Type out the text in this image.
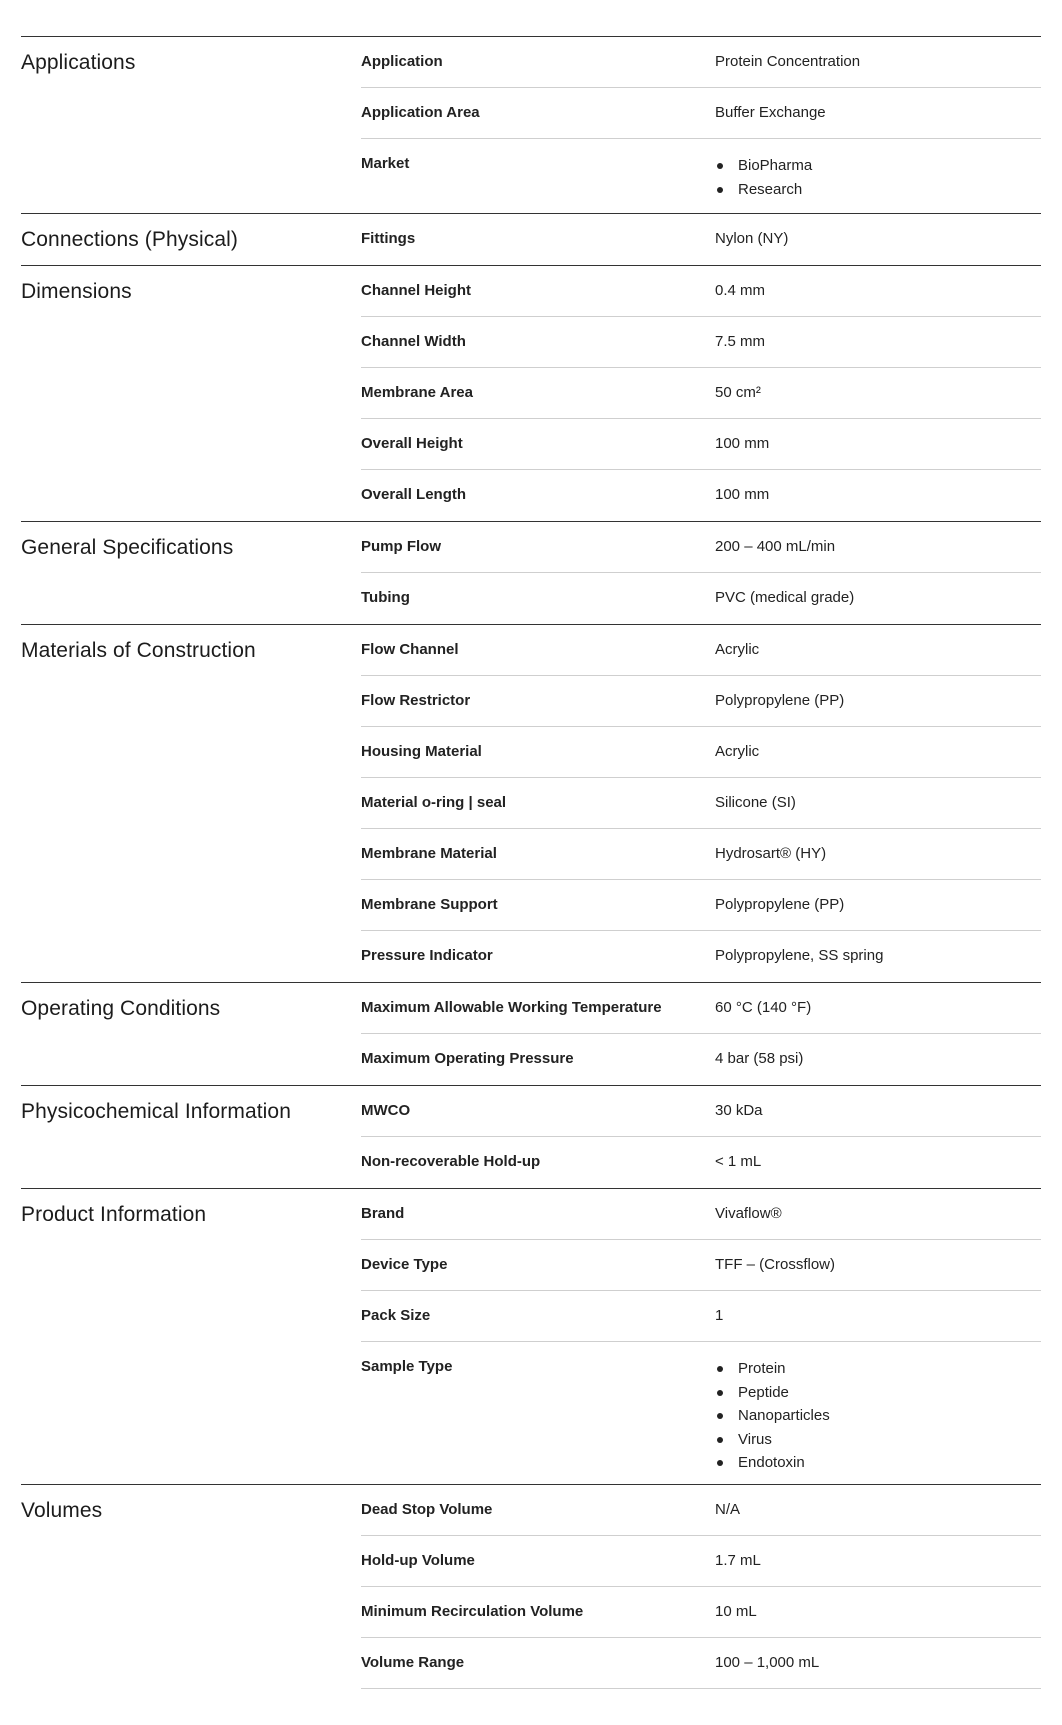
Applications	Application	Protein Concentration
Application Area	Buffer Exchange
Market	BioPharma
Research
Connections (Physical)	Fittings	Nylon (NY)
Dimensions	Channel Height	0.4 mm
Channel Width	7.5 mm
Membrane Area	50 cm²
Overall Height	100 mm
Overall Length	100 mm
General Specifications	Pump Flow	200 – 400 mL/min
Tubing	PVC (medical grade)
Materials of Construction	Flow Channel	Acrylic
Flow Restrictor	Polypropylene (PP)
Housing Material	Acrylic
Material o-ring | seal	Silicone (SI)
Membrane Material	Hydrosart® (HY)
Membrane Support	Polypropylene (PP)
Pressure Indicator	Polypropylene, SS spring
Operating Conditions	Maximum Allowable Working Temperature	60 °C (140 °F)
Maximum Operating Pressure	4 bar (58 psi)
Physicochemical Information	MWCO	30 kDa
Non-recoverable Hold-up	< 1 mL
Product Information	Brand	Vivaflow®
Device Type	TFF – (Crossflow)
Pack Size	1
Sample Type	Protein
Peptide
Nanoparticles
Virus
Endotoxin
Volumes	Dead Stop Volume	N/A
Hold-up Volume	1.7 mL
Minimum Recirculation Volume	10 mL
Volume Range	100 – 1,000 mL
